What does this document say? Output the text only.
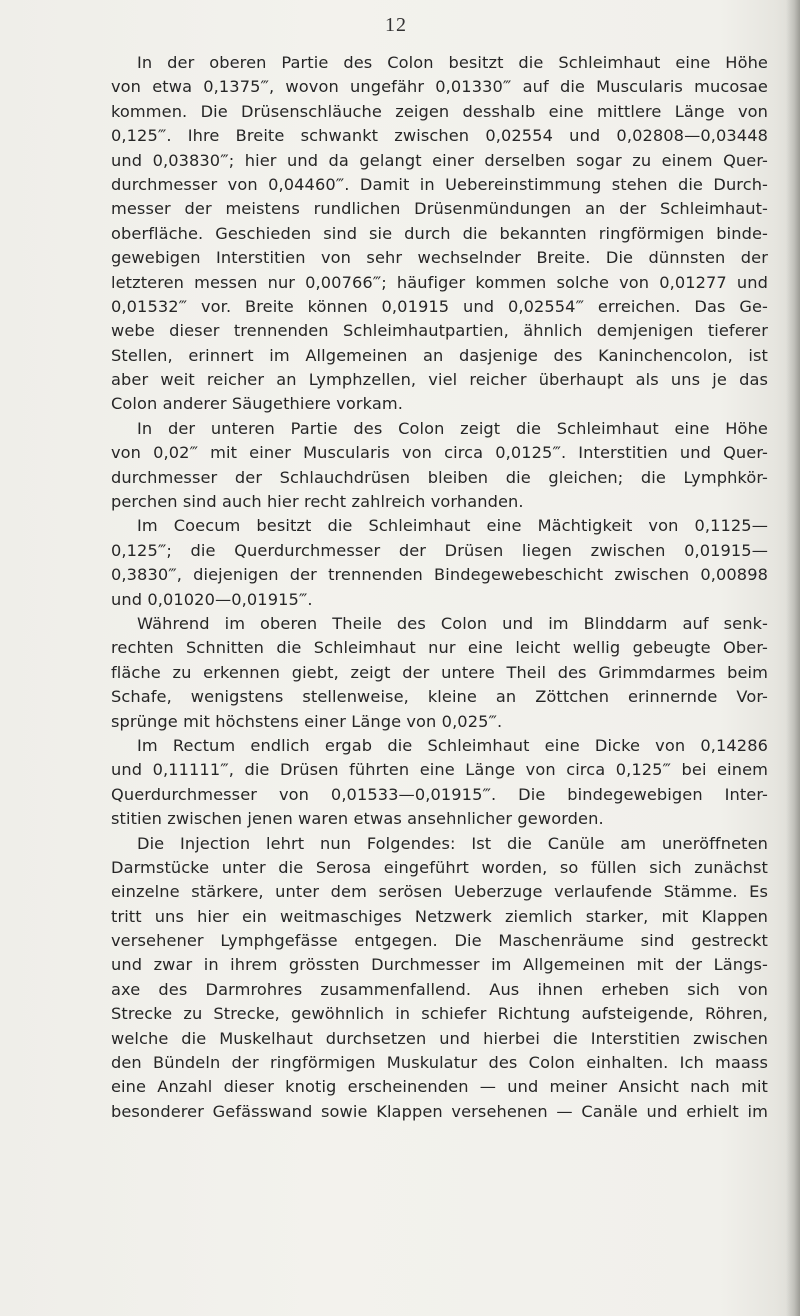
12
In der oberen Partie des Colon besitzt die Schleimhaut eine Höhe
von etwa 0,1375‴, wovon ungefähr 0,01330‴ auf die Muscularis mucosae
kommen. Die Drüsenschläuche zeigen desshalb eine mittlere Länge von
0,125‴. Ihre Breite schwankt zwischen 0,02554 und 0,02808—0,03448
und 0,03830‴; hier und da gelangt einer derselben sogar zu einem Quer-
durchmesser von 0,04460‴. Damit in Uebereinstimmung stehen die Durch-
messer der meistens rundlichen Drüsenmündungen an der Schleimhaut-
oberfläche. Geschieden sind sie durch die bekannten ringförmigen binde-
gewebigen Interstitien von sehr wechselnder Breite. Die dünnsten der
letzteren messen nur 0,00766‴; häufiger kommen solche von 0,01277 und
0,01532‴ vor. Breite können 0,01915 und 0,02554‴ erreichen. Das Ge-
webe dieser trennenden Schleimhautpartien, ähnlich demjenigen tieferer
Stellen, erinnert im Allgemeinen an dasjenige des Kaninchencolon, ist
aber weit reicher an Lymphzellen, viel reicher überhaupt als uns je das
Colon anderer Säugethiere vorkam.
In der unteren Partie des Colon zeigt die Schleimhaut eine Höhe
von 0,02‴ mit einer Muscularis von circa 0,0125‴. Interstitien und Quer-
durchmesser der Schlauchdrüsen bleiben die gleichen; die Lymphkör-
perchen sind auch hier recht zahlreich vorhanden.
Im Coecum besitzt die Schleimhaut eine Mächtigkeit von 0,1125—
0,125‴; die Querdurchmesser der Drüsen liegen zwischen 0,01915—
0,3830‴, diejenigen der trennenden Bindegewebeschicht zwischen 0,00898
und 0,01020—0,01915‴.
Während im oberen Theile des Colon und im Blinddarm auf senk-
rechten Schnitten die Schleimhaut nur eine leicht wellig gebeugte Ober-
fläche zu erkennen giebt, zeigt der untere Theil des Grimmdarmes beim
Schafe, wenigstens stellenweise, kleine an Zöttchen erinnernde Vor-
sprünge mit höchstens einer Länge von 0,025‴.
Im Rectum endlich ergab die Schleimhaut eine Dicke von 0,14286
und 0,11111‴, die Drüsen führten eine Länge von circa 0,125‴ bei einem
Querdurchmesser von 0,01533—0,01915‴. Die bindegewebigen Inter-
stitien zwischen jenen waren etwas ansehnlicher geworden.
Die Injection lehrt nun Folgendes: Ist die Canüle am uneröffneten
Darmstücke unter die Serosa eingeführt worden, so füllen sich zunächst
einzelne stärkere, unter dem serösen Ueberzuge verlaufende Stämme. Es
tritt uns hier ein weitmaschiges Netzwerk ziemlich starker, mit Klappen
versehener Lymphgefässe entgegen. Die Maschenräume sind gestreckt
und zwar in ihrem grössten Durchmesser im Allgemeinen mit der Längs-
axe des Darmrohres zusammenfallend. Aus ihnen erheben sich von
Strecke zu Strecke, gewöhnlich in schiefer Richtung aufsteigende, Röhren,
welche die Muskelhaut durchsetzen und hierbei die Interstitien zwischen
den Bündeln der ringförmigen Muskulatur des Colon einhalten. Ich maass
eine Anzahl dieser knotig erscheinenden — und meiner Ansicht nach mit
besonderer Gefässwand sowie Klappen versehenen — Canäle und erhielt im
